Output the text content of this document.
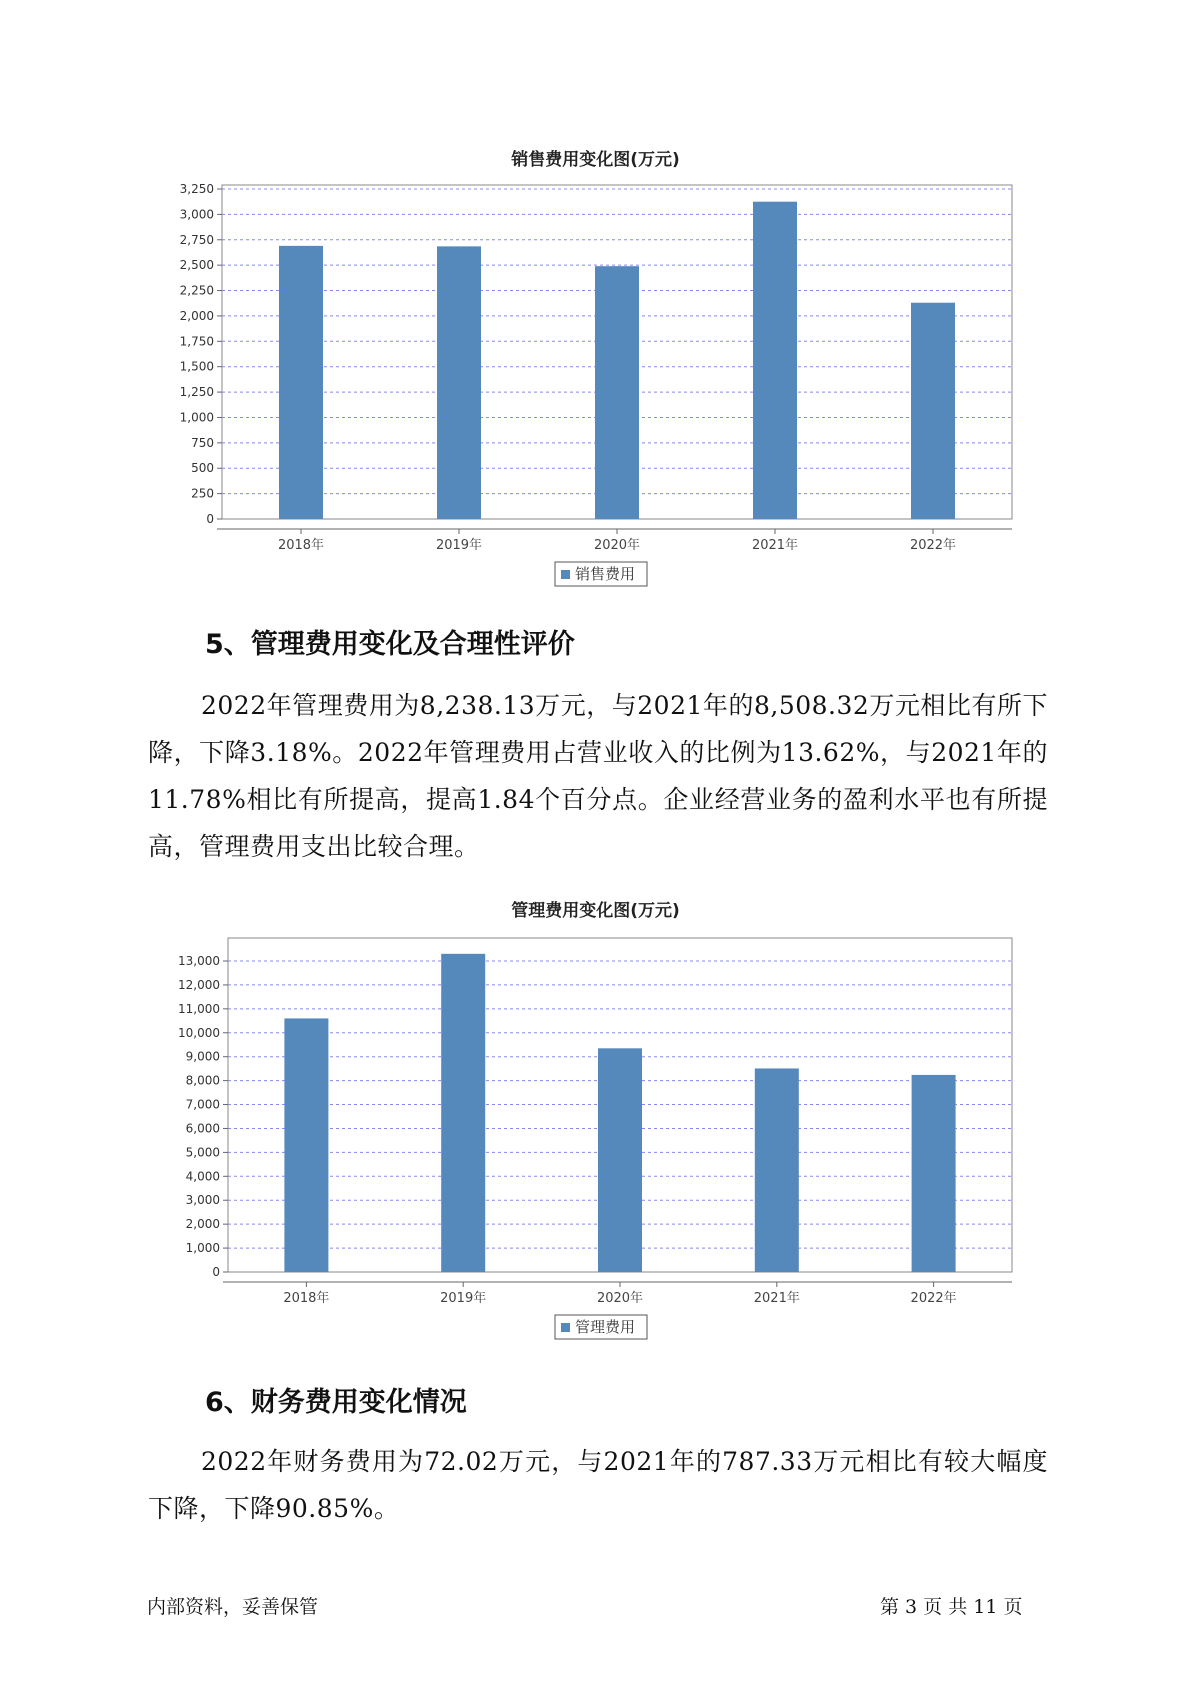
销售费用变化图(万元)
0
250
500
750
1,000
1,250
1,500
1,750
2,000
2,250
2,500
2,750
3,000
3,250
2018年	2019年	2020年	2021年	2022年
销售费用
5、管理费用变化及合理性评价

2022年管理费用为8,238.13万元，与2021年的8,508.32万元相比有所下降，下降3.18%。2022年管理费用占营业收入的比例为13.62%，与2021年的11.78%相比有所提高，提高1.84个百分点。企业经营业务的盈利水平也有所提高，管理费用支出比较合理。

管理费用变化图(万元)
0
1,000
2,000
3,000
4,000
5,000
6,000
7,000
8,000
9,000
10,000
11,000
12,000
13,000
2018年	2019年	2020年	2021年	2022年
管理费用
6、财务费用变化情况

2022年财务费用为72.02万元，与2021年的787.33万元相比有较大幅度下降，下降90.85%。

内部资料，妥善保管	第 3 页 共 11 页
